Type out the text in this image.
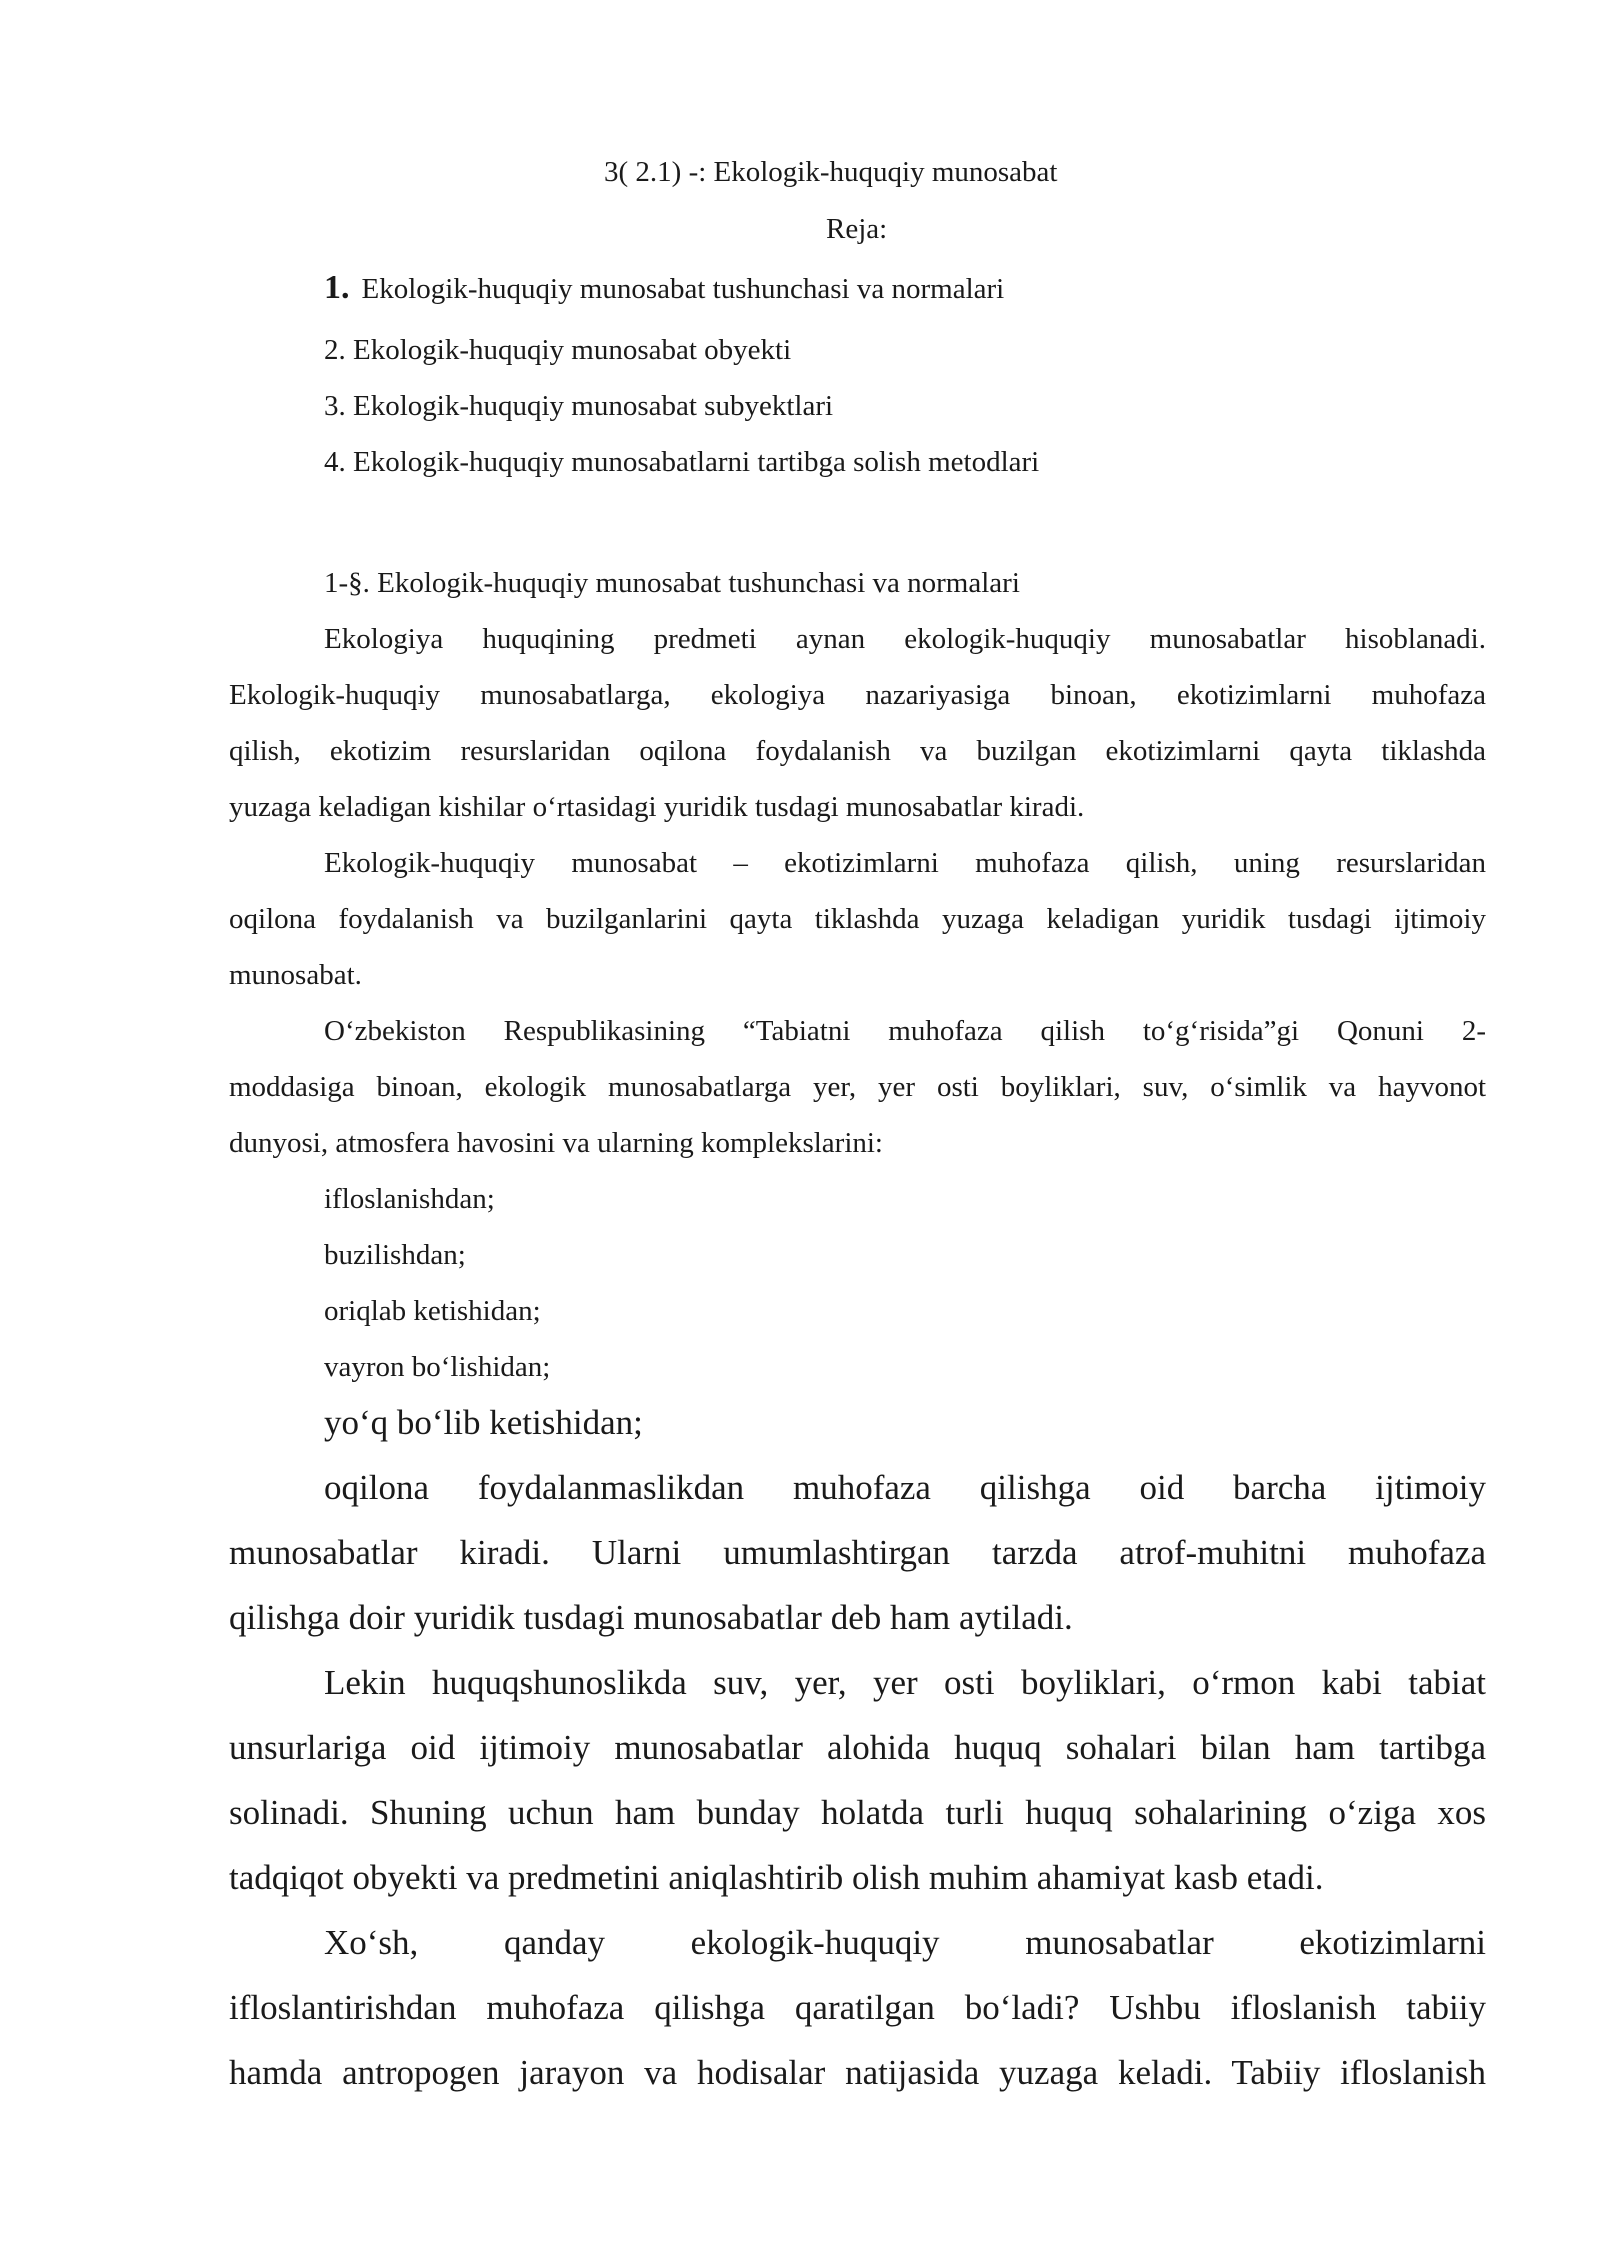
3( 2.1) -: Ekologik-huquqiy munosabat
Reja:
1. Ekologik-huquqiy munosabat tushunchasi va normalari
2. Ekologik-huquqiy munosabat obyekti
3. Ekologik-huquqiy munosabat subyektlari
4. Ekologik-huquqiy munosabatlarni tartibga solish metodlari
1-§. Ekologik-huquqiy munosabat tushunchasi va normalari
Ekologiya huquqining predmeti aynan ekologik-huquqiy munosabatlar hisoblanadi.
Ekologik-huquqiy munosabatlarga, ekologiya nazariyasiga binoan, ekotizimlarni muhofaza
qilish, ekotizim resurslaridan oqilona foydalanish va buzilgan ekotizimlarni qayta tiklashda
yuzaga keladigan kishilar o‘rtasidagi yuridik tusdagi munosabatlar kiradi.
Ekologik-huquqiy munosabat – ekotizimlarni muhofaza qilish, uning resurslaridan
oqilona foydalanish va buzilganlarini qayta tiklashda yuzaga keladigan yuridik tusdagi ijtimoiy
munosabat.
O‘zbekiston Respublikasining “Tabiatni muhofaza qilish to‘g‘risida”gi Qonuni 2-
moddasiga binoan, ekologik munosabatlarga yer, yer osti boyliklari, suv, o‘simlik va hayvonot
dunyosi, atmosfera havosini va ularning komplekslarini:
ifloslanishdan;
buzilishdan;
oriqlab ketishidan;
vayron bo‘lishidan;
yo‘q bo‘lib ketishidan;
oqilona foydalanmaslikdan muhofaza qilishga oid barcha ijtimoiy
munosabatlar kiradi. Ularni umumlashtirgan tarzda atrof-muhitni muhofaza
qilishga doir yuridik tusdagi munosabatlar deb ham aytiladi.
Lekin huquqshunoslikda suv, yer, yer osti boyliklari, o‘rmon kabi tabiat
unsurlariga oid ijtimoiy munosabatlar alohida huquq sohalari bilan ham tartibga
solinadi. Shuning uchun ham bunday holatda turli huquq sohalarining o‘ziga xos
tadqiqot obyekti va predmetini aniqlashtirib olish muhim ahamiyat kasb etadi.
Xo‘sh, qanday ekologik-huquqiy munosabatlar ekotizimlarni
ifloslantirishdan muhofaza qilishga qaratilgan bo‘ladi? Ushbu ifloslanish tabiiy
hamda antropogen jarayon va hodisalar natijasida yuzaga keladi. Tabiiy ifloslanish
